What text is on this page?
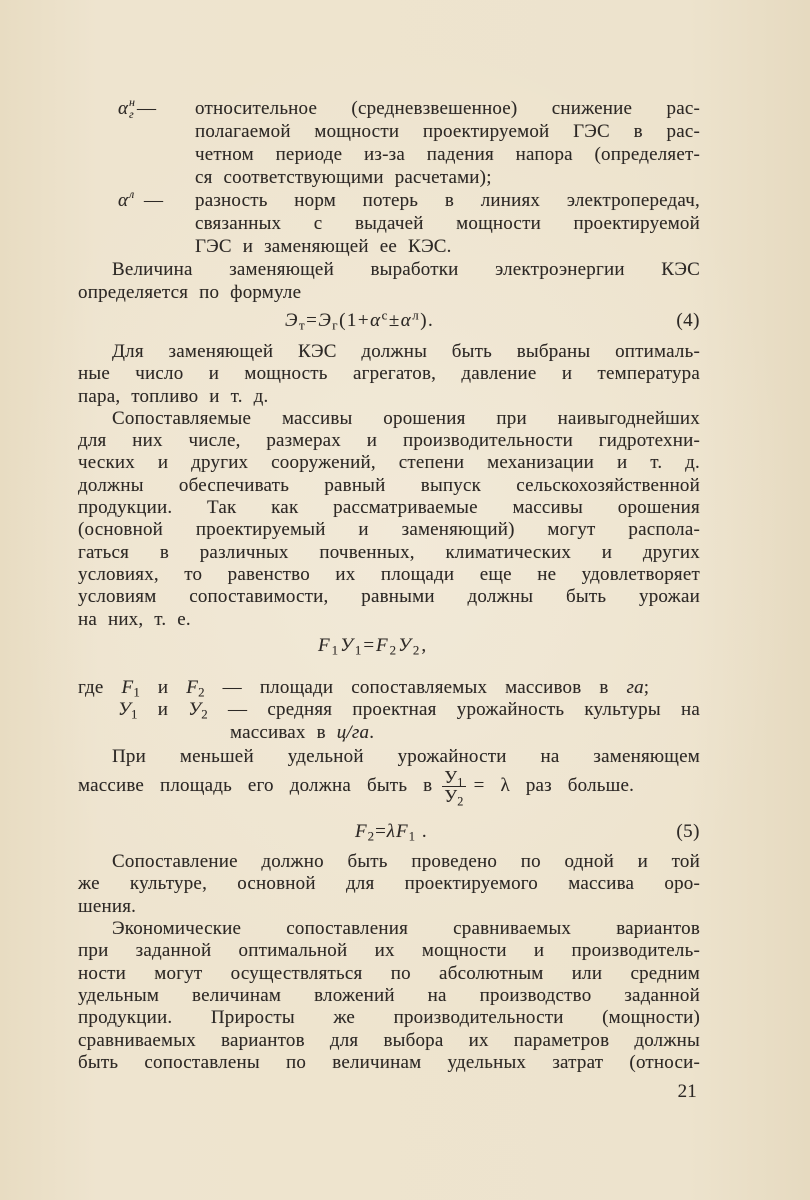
α н
г —	относительное (средневзвешенное) снижение рас-
полагаемой мощности проектируемой ГЭС в рас-
четном периоде из-за падения напора (определяет-
ся соответствующими расчетами);
α л —	разность норм потерь в линиях электропередач,
связанных с выдачей мощности проектируемой
ГЭС и заменяющей ее КЭС.
Величина заменяющей выработки электроэнергии КЭС
определяется по формуле
$Э_т=Э_г(1+\alpha^с\pm\alpha^л)$.	(4)
Для заменяющей КЭС должны быть выбраны оптималь-
ные число и мощность агрегатов, давление и температура
пара, топливо и т. д.
Сопоставляемые массивы орошения при наивыгоднейших
для них числе, размерах и производительности гидротехни-
ческих и других сооружений, степени механизации и т. д.
должны обеспечивать равный выпуск сельскохозяйственной
продукции. Так как рассматриваемые массивы орошения
(основной проектируемый и заменяющий) могут распола-
гаться в различных почвенных, климатических и других
условиях, то равенство их площади еще не удовлетворяет
условиям сопоставимости, равными должны быть урожаи
на них, т. е.
$F_1У_1=F_2У_2$,
где $F_1$ и $F_2$ — площади сопоставляемых массивов в га;
$У_1$ и $У_2$ — средняя проектная урожайность культуры на
массивах в ц/га.
При меньшей удельной урожайности на заменяющем
массиве площадь его должна быть в $\frac{У_1}{У_2} = \lambda$ раз больше.
$F_2=\lambda F_1$ .	(5)
Сопоставление должно быть проведено по одной и той
же культуре, основной для проектируемого массива оро-
шения.
Экономические сопоставления сравниваемых вариантов
при заданной оптимальной их мощности и производитель-
ности могут осуществляться по абсолютным или средним
удельным величинам вложений на производство заданной
продукции. Приросты же производительности (мощности)
сравниваемых вариантов для выбора их параметров должны
быть сопоставлены по величинам удельных затрат (относи-
21
